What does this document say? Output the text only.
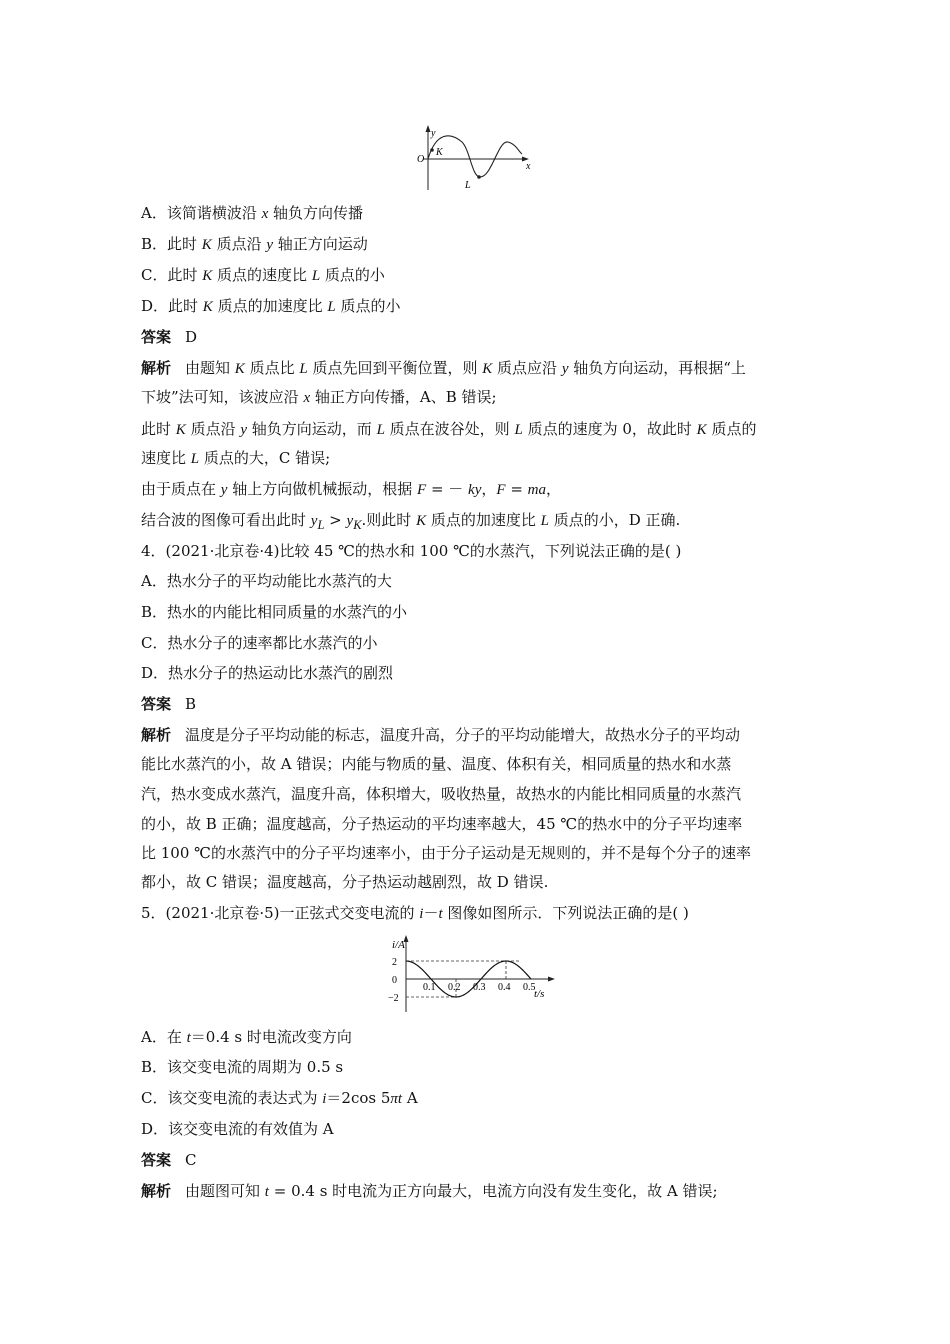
y
x
O
K
L
A．该简谐横波沿 x 轴负方向传播
B．此时 K 质点沿 y 轴正方向运动
C．此时 K 质点的速度比 L 质点的小
D．此时 K 质点的加速度比 L 质点的小
答案 D
解析 由题知 K 质点比 L 质点先回到平衡位置，则 K 质点应沿 y 轴负方向运动，再根据“上
下坡”法可知，该波应沿 x 轴正方向传播，A、B 错误;
此时 K 质点沿 y 轴负方向运动，而 L 质点在波谷处，则 L 质点的速度为 0，故此时 K 质点的
速度比 L 质点的大，C 错误;
由于质点在 y 轴上方向做机械振动，根据 F = － ky，F = ma，
结合波的图像可看出此时 $y_L > y_K$.则此时 K 质点的加速度比 L 质点的小，D 正确.
4．(2021·北京卷·4)比较 45 ℃的热水和 100 ℃的水蒸汽，下列说法正确的是( )
A．热水分子的平均动能比水蒸汽的大
B．热水的内能比相同质量的水蒸汽的小
C．热水分子的速率都比水蒸汽的小
D．热水分子的热运动比水蒸汽的剧烈
答案 B
解析 温度是分子平均动能的标志，温度升高，分子的平均动能增大，故热水分子的平均动
能比水蒸汽的小，故 A 错误；内能与物质的量、温度、体积有关，相同质量的热水和水蒸
汽，热水变成水蒸汽，温度升高，体积增大，吸收热量，故热水的内能比相同质量的水蒸汽
的小，故 B 正确；温度越高，分子热运动的平均速率越大，45 ℃的热水中的分子平均速率
比 100 ℃的水蒸汽中的分子平均速率小，由于分子运动是无规则的，并不是每个分子的速率
都小，故 C 错误；温度越高，分子热运动越剧烈，故 D 错误.
5．(2021·北京卷·5)一正弦式交变电流的 i－t 图像如图所示．下列说法正确的是( )
i/A
t/s
0.1 0.2 0.3 0.4 0.5
2
0
−2
A．在 t＝0.4 s 时电流改变方向
B．该交变电流的周期为 0.5 s
C．该交变电流的表达式为 i＝2cos 5πt A
D．该交变电流的有效值为 A
答案 C
解析 由题图可知 t = 0.4 s 时电流为正方向最大，电流方向没有发生变化，故 A 错误;
